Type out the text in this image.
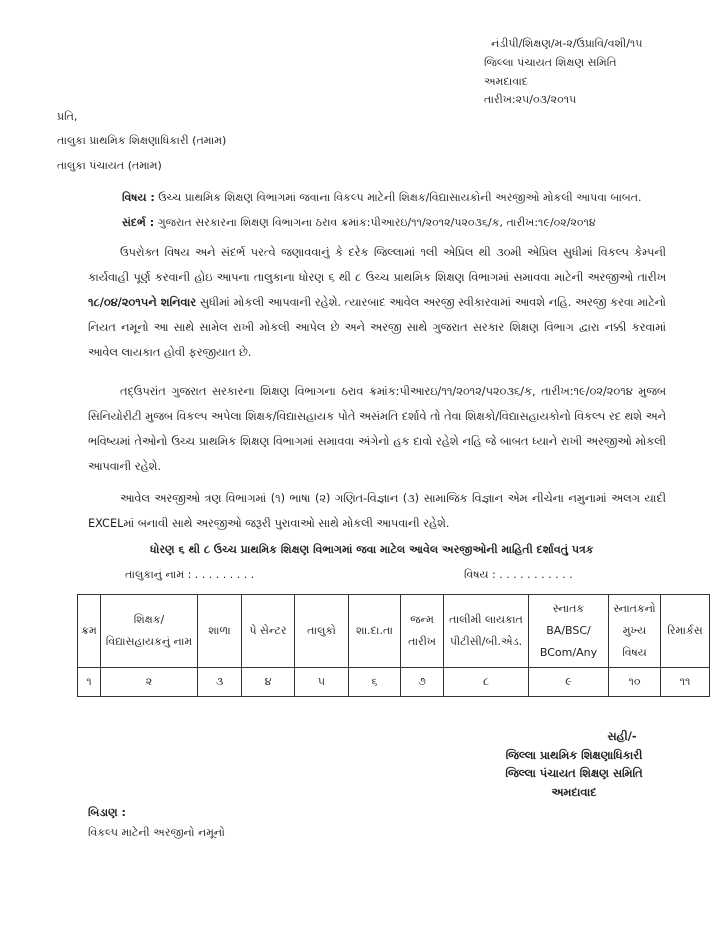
નંડીપી/શિક્ષણ/મ-૨/ઉપ્રાવિ/વશી/૧૫
જિલ્લા પંચાયત શિક્ષણ સમિતિ
અમદાવાદ
તારીખ:૨૫/૦૩/૨૦૧૫
પ્રતિ,
તાલુકા પ્રાથમિક શિક્ષણાધિકારી (તમામ)
તાલુકા પંચાયત (તમામ)
વિષય : ઉચ્ચ પ્રાથમિક શિક્ષણ વિભાગમાં જવાના વિકલ્પ માટેની શિક્ષક/વિદ્યાસાયકોની અરજીઓ મોકલી આપવા બાબત.
સંદર્ભ : ગુજરાત સરકારના શિક્ષણ વિભાગના ઠરાવ ક્રમાંક:પીઆરઇ/૧૧/૨૦૧૨/પ૨૦૩૬/ક, તારીખ:૧૯/૦૨/૨૦૧૪
ઉપરોક્ત વિષય અને સંદર્ભ પરત્વે જણાવવાનું કે દરેક જિલ્લામાં ૧લી એપ્રિલ થી ૩૦મી એપ્રિલ સુધીમાં વિકલ્પ કેમ્પની કાર્યવાહી પૂર્ણ કરવાની હોઇ આપના તાલુકાના ધોરણ ૬ થી ૮ ઉચ્ચ પ્રાથમિક શિક્ષણ વિભાગમાં સમાવવા માટેની અરજીઓ તારીખ ૧૮/૦૪/૨૦૧૫ને શનિવાર સુધીમાં મોકલી આપવાની રહેશે. ત્યારબાદ આવેલ અરજી સ્વીકારવામાં આવશે નહિ. અરજી કરવા માટેનો નિયત નમૂનો આ સાથે સામેલ રાખી મોકલી આપેલ છે અને અરજી સાથે ગુજરાત સરકાર શિક્ષણ વિભાગ દ્વારા નક્કી કરવામાં આવેલ લાયકાત હોવી ફરજીયાત છે.
તદ્ઉપરાંત ગુજરાત સરકારના શિક્ષણ વિભાગના ઠરાવ ક્રમાંક:પીઆરઇ/૧૧/૨૦૧૨/પ૨૦૩૬/ક, તારીખ:૧૯/૦૨/૨૦૧૪ મુજબ સિનિયોરીટી મુજબ વિકલ્પ અપેલા શિક્ષક/વિદ્યાસહાયક પોતે અસંમતિ દર્શાવે તો તેવા શિક્ષકો/વિદ્યાસહાયકોનો વિકલ્પ રદ થશે અને ભવિષ્યમાં તેઓનો ઉચ્ચ પ્રાથમિક શિક્ષણ વિભાગમાં સમાવવા અંગેનો હક દાવો રહેશે નહિ જે બાબત ધ્યાને રાખી અરજીઓ મોકલી આપવાની રહેશે.
આવેલ અરજીઓ ત્રણ વિભાગમાં (૧) ભાષા (૨) ગણિત-વિજ્ઞાન (૩) સામાજિક વિજ્ઞાન એમ નીચેના નમુનામાં અલગ યાદી EXCELમાં બનાવી સાથે અરજીઓ જરૂરી પુરાવાઓ સાથે મોકલી આપવાની રહેશે.
ધોરણ ૬ થી ૮ ઉચ્ચ પ્રાથમિક શિક્ષણ વિભાગમાં જવા માટેલ આવેલ અરજીઓની માહિતી દર્શાવતું પત્રક
તાલુકાનું નામ : . . . . . . . . .	વિષય : . . . . . . . . . . .
ક્રમ	શિક્ષક/ વિદ્યાસહાયકનું નામ	શાળા	પે સેન્ટર	તાલુકો	શા.દા.તા	જન્મ તારીખ	તાલીમી લાયકાત પીટીસી/બી.એડ.	સ્નાતક BA/BSC/ BCom/Any	સ્નાતકનો મુખ્ય વિષય	રિમાર્કસ
૧	૨	૩	૪	૫	૬	૭	૮	૯	૧૦	૧૧
સહી/-
જિલ્લા પ્રાથમિક શિક્ષણાધિકારી
જિલ્લા પંચાયત શિક્ષણ સમિતિ
અમદાવાદ
બિડાણ :
વિકલ્પ માટેની અરજીનો નમૂનો
